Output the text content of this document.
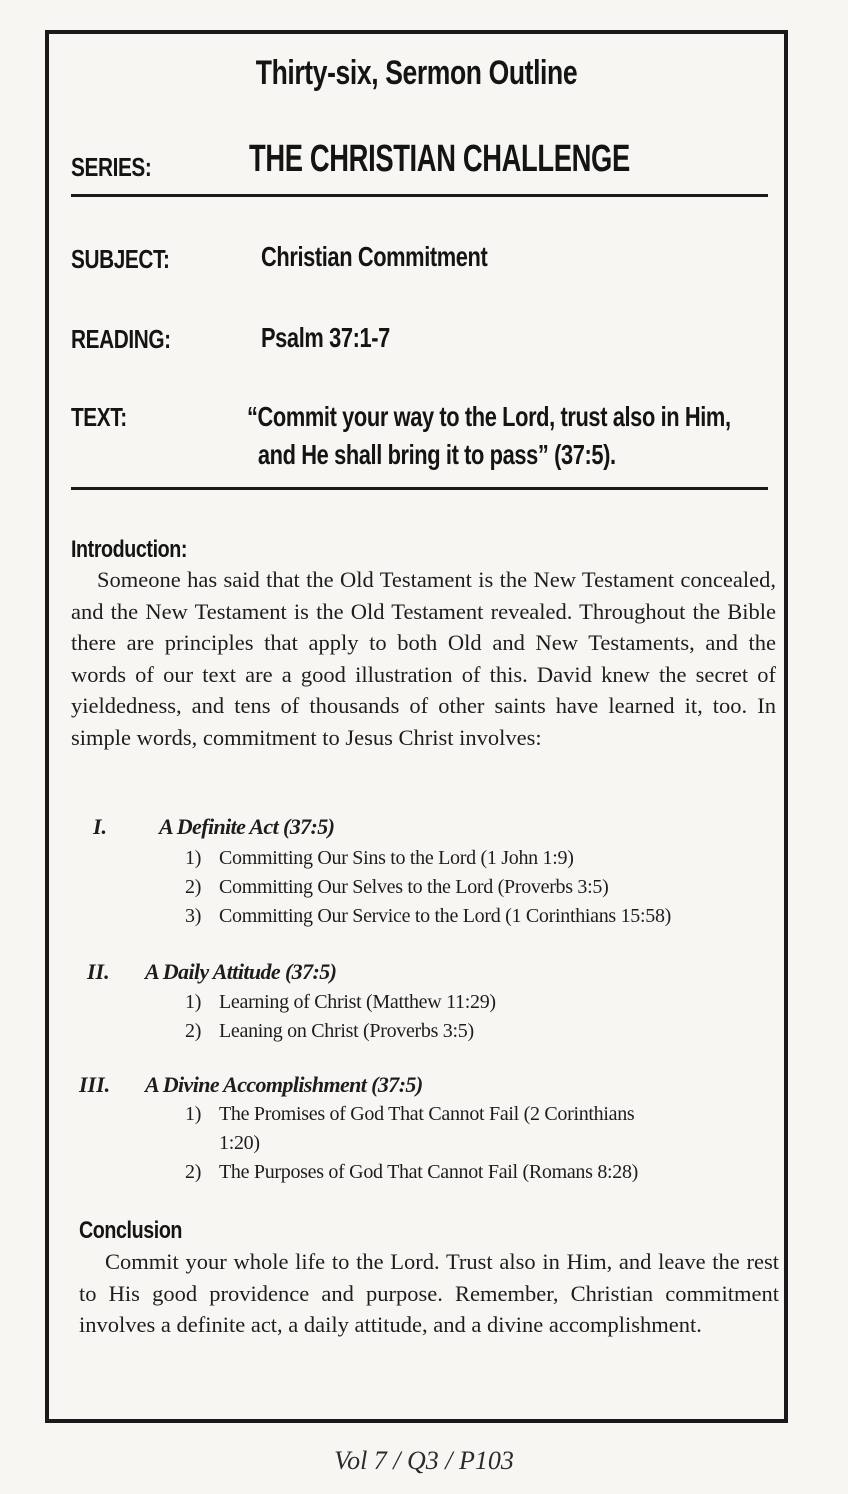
Thirty-six, Sermon Outline
SERIES:	THE CHRISTIAN CHALLENGE
SUBJECT:	Christian Commitment
READING:	Psalm 37:1-7
TEXT:	“Commit your way to the Lord, trust also in Him,
and He shall bring it to pass” (37:5).
Introduction:

Someone has said that the Old Testament is the New Testament concealed, and the New Testament is the Old Testament revealed. Throughout the Bible there are principles that apply to both Old and New Testaments, and the words of our text are a good illustration of this. David knew the secret of yieldedness, and tens of thousands of other saints have learned it, too. In simple words, commitment to Jesus Christ involves:

I. A Definite Act (37:5)
1) Committing Our Sins to the Lord (1 John 1:9)
2) Committing Our Selves to the Lord (Proverbs 3:5)
3) Committing Our Service to the Lord (1 Corinthians 15:58)
II. A Daily Attitude (37:5)
1) Learning of Christ (Matthew 11:29)
2) Leaning on Christ (Proverbs 3:5)
III. A Divine Accomplishment (37:5)
1) The Promises of God That Cannot Fail (2 Corinthians
1:20)
2) The Purposes of God That Cannot Fail (Romans 8:28)
Conclusion

Commit your whole life to the Lord. Trust also in Him, and leave the rest to His good providence and purpose. Remember, Christian commitment involves a definite act, a daily attitude, and a divine accomplishment.

Vol 7 / Q3 / P103
